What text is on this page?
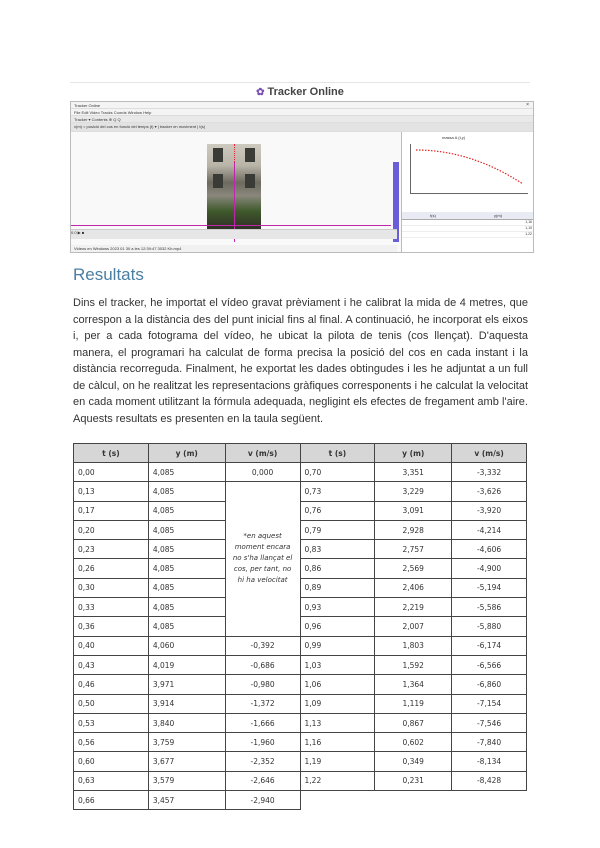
✿ Tracker Online
Tracker Online	×
File Edit Video Tracks Coords Window Help
Tracker ▾ Contents ⊕ Q Q
x(m) = posició del cos en funció del temps (t) ▾ | tracker en moviment | t(s)
0.0 ▶ ■
Videos en Windows 2023 01 30 a les 12:39:47 3032 Kb.mp4
massa A (t,y)
t(s)	y(m)
1,16
1,19
1,22
Resultats
Dins el tracker, he importat el vídeo gravat prèviament i he calibrat la mida de 4 metres, que correspon a la distància des del punt inicial fins al final. A continuació, he incorporat els eixos i, per a cada fotograma del vídeo, he ubicat la pilota de tenis (cos llençat). D'aquesta manera, el programari ha calculat de forma precisa la posició del cos en cada instant i la distància recorreguda. Finalment, he exportat les dades obtingudes i les he adjuntat a un full de càlcul, on he realitzat les representacions gràfiques corresponents i he calculat la velocitat en cada moment utilitzant la fórmula adequada, negligint els efectes de fregament amb l'aire. Aquests resultats es presenten en la taula següent.
t (s)	y (m)	v (m/s)	t (s)	y (m)	v (m/s)
0,00	4,085	0,000	0,70	3,351	-3,332
0,13	4,085	*en aquest moment encara no s'ha llançat el cos, per tant, no hi ha velocitat	0,73	3,229	-3,626
0,17	4,085		0,76	3,091	-3,920
0,20	4,085		0,79	2,928	-4,214
0,23	4,085		0,83	2,757	-4,606
0,26	4,085		0,86	2,569	-4,900
0,30	4,085		0,89	2,406	-5,194
0,33	4,085		0,93	2,219	-5,586
0,36	4,085		0,96	2,007	-5,880
0,40	4,060	-0,392	0,99	1,803	-6,174
0,43	4,019	-0,686	1,03	1,592	-6,566
0,46	3,971	-0,980	1,06	1,364	-6,860
0,50	3,914	-1,372	1,09	1,119	-7,154
0,53	3,840	-1,666	1,13	0,867	-7,546
0,56	3,759	-1,960	1,16	0,602	-7,840
0,60	3,677	-2,352	1,19	0,349	-8,134
0,63	3,579	-2,646	1,22	0,231	-8,428
0,66	3,457	-2,940			
